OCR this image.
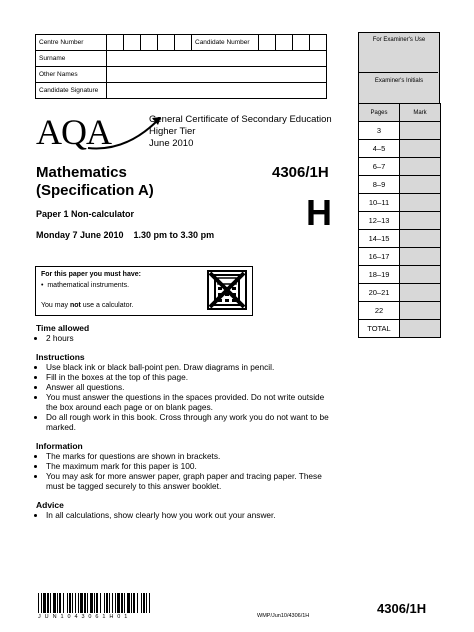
Centre Number						Candidate Number				
Surname										
Other Names										
Candidate Signature										
AQA	General Certificate of Secondary Education
Higher Tier
June 2010
Mathematics
(Specification A)
4306/1H
H
Paper 1 Non-calculator
Monday 7 June 2010    1.30 pm to 3.30 pm
For this paper you must have:
•  mathematical instruments.
You may not use a calculator.
Time allowed
• 2 hours
Instructions
• Use black ink or black ball-point pen. Draw diagrams in pencil.
• Fill in the boxes at the top of this page.
• Answer all questions.
• You must answer the questions in the spaces provided. Do not write outside the box around each page or on blank pages.
• Do all rough work in this book. Cross through any work you do not want to be marked.
Information
• The marks for questions are shown in brackets.
• The maximum mark for this paper is 100.
• You may ask for more answer paper, graph paper and tracing paper. These must be tagged securely to this answer booklet.
Advice
• In all calculations, show clearly how you work out your answer.
For Examiner's Use
Examiner's Initials
Pages	Mark
3	
4–5	
6–7	
8–9	
10–11	
12–13	
14–15	
16–17	
18–19	
20–21	
22	
TOTAL	
J U N 1 0 4 3 0 6 1 H 0 1	WMP/Jun10/4306/1H	4306/1H
